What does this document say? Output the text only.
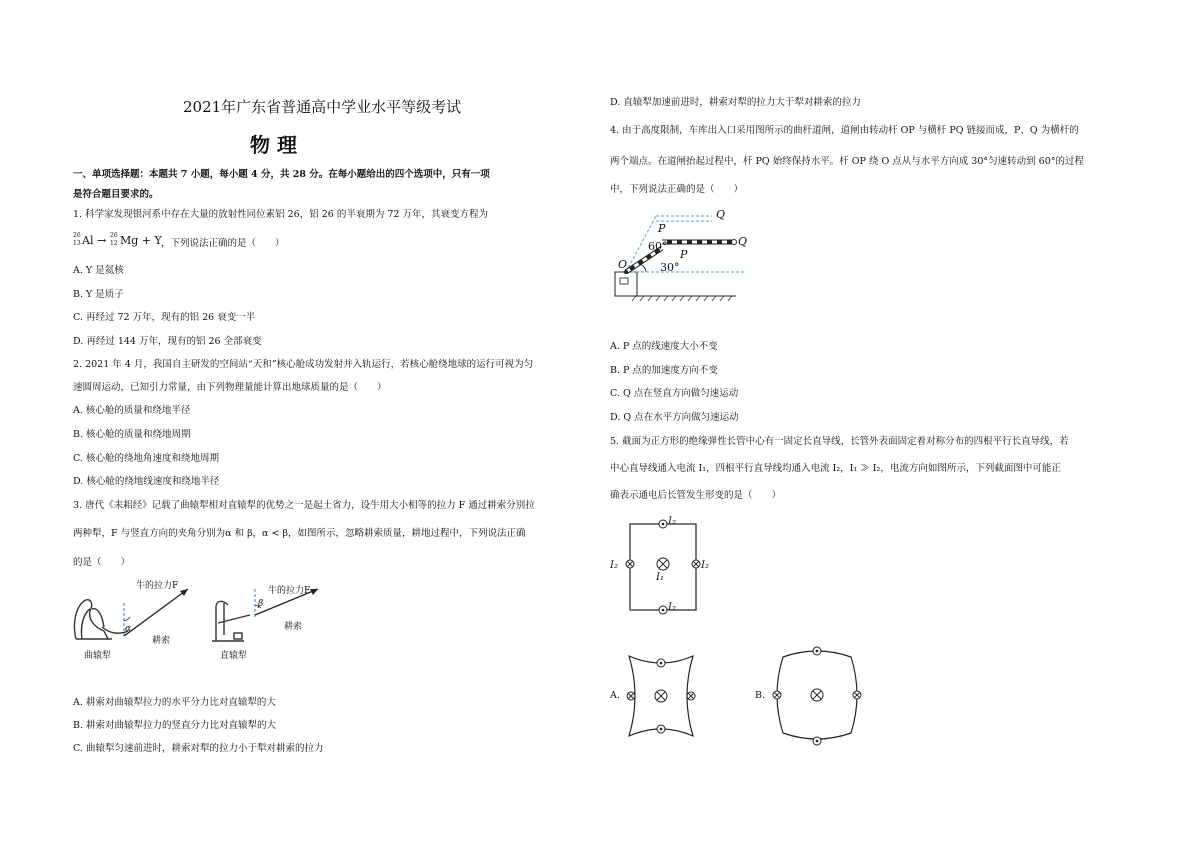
2021年广东省普通高中学业水平等级考试
物 理
一、单项选择题：本题共 7 小题，每小题 4 分，共 28 分。在每小题给出的四个选项中，只有一项
是符合题目要求的。
1. 科学家发现银河系中存在大量的放射性同位素铝 26，铝 26 的半衰期为 72 万年，其衰变方程为
26
13 Al → 26
12 Mg + Y ，下列说法正确的是（　　）
A. Y 是氦核
B. Y 是质子
C. 再经过 72 万年，现有的铝 26 衰变一半
D. 再经过 144 万年，现有的铝 26 全部衰变
2. 2021 年 4 月，我国自主研发的空间站“天和”核心舱成功发射并入轨运行，若核心舱绕地球的运行可视为匀
速圆周运动，已知引力常量，由下列物理量能计算出地球质量的是（　　）
A. 核心舱的质量和绕地半径
B. 核心舱的质量和绕地周期
C. 核心舱的绕地角速度和绕地周期
D. 核心舱的绕地线速度和绕地半径
3. 唐代《耒耜经》记载了曲辕犁相对直辕犁的优势之一是起土省力，设牛用大小相等的拉力 F 通过耕索分别拉
两种犁，F 与竖直方向的夹角分别为α 和 β，α < β，如图所示，忽略耕索质量，耕地过程中，下列说法正确
的是（　　）
α
牛的拉力F
耕索
曲辕犁
β
牛的拉力F
耕索
直辕犁
A. 耕索对曲辕犁拉力的水平分力比对直辕犁的大
B. 耕索对曲辕犁拉力的竖直分力比对直辕犁的大
C. 曲辕犁匀速前进时，耕索对犁的拉力小于犁对耕索的拉力
D. 直辕犁加速前进时，耕索对犁的拉力大于犁对耕索的拉力
4. 由于高度限制，车库出入口采用图所示的曲杆道闸，道闸由转动杆 OP 与横杆 PQ 链接而成，P、Q 为横杆的
两个端点。在道闸抬起过程中，杆 PQ 始终保持水平。杆 OP 绕 O 点从与水平方向成 30°匀速转动到 60°的过程
中，下列说法正确的是（　　）
O
P
Q
60°
P
Q
30°
A. P 点的线速度大小不变
B. P 点的加速度方向不变
C. Q 点在竖直方向做匀速运动
D. Q 点在水平方向做匀速运动
5. 截面为正方形的绝缘弹性长管中心有一固定长直导线，长管外表面固定着对称分布的四根平行长直导线，若
中心直导线通入电流 I₁，四根平行直导线均通入电流 I₂，I₁ ≫ I₂，电流方向如图所示，下列截面图中可能正
确表示通电后长管发生形变的是（　　）
I₂
I₂	I₂
I₁
I₂
A.	B.
